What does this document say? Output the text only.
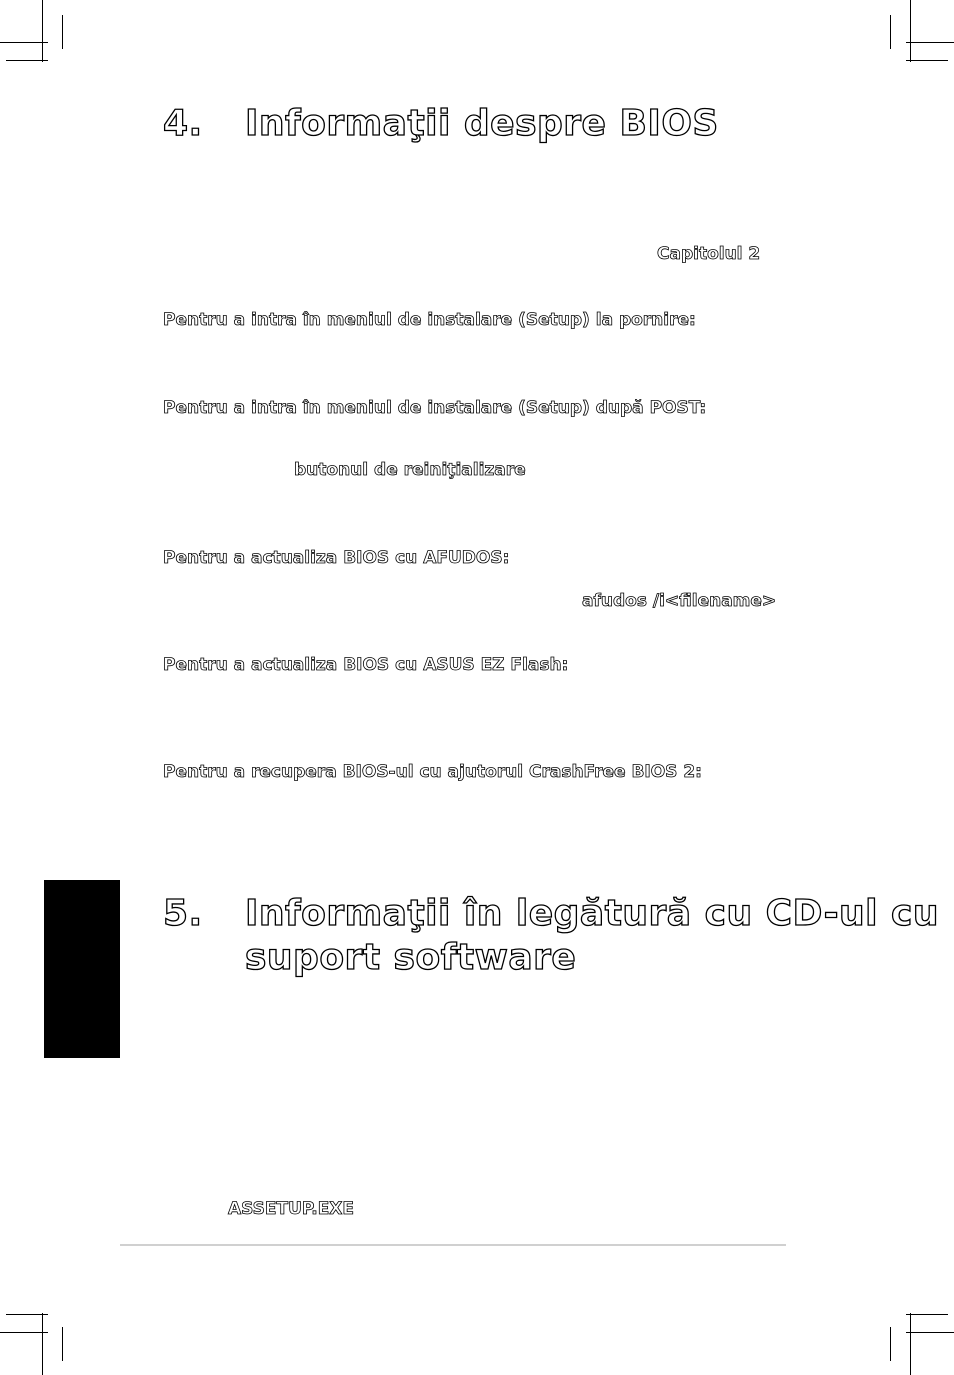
4. Informaţii despre BIOS
Capitolul 2
Pentru a intra în meniul de instalare (Setup) la pornire:
Pentru a intra în meniul de instalare (Setup) după POST:
butonul de reiniţializare
Pentru a actualiza BIOS cu AFUDOS:
afudos /i<filename>
Pentru a actualiza BIOS cu ASUS EZ Flash:
Pentru a recupera BIOS-ul cu ajutorul CrashFree BIOS 2:
5. Informaţii în legătură cu CD-ul cu
suport software
ASSETUP.EXE
